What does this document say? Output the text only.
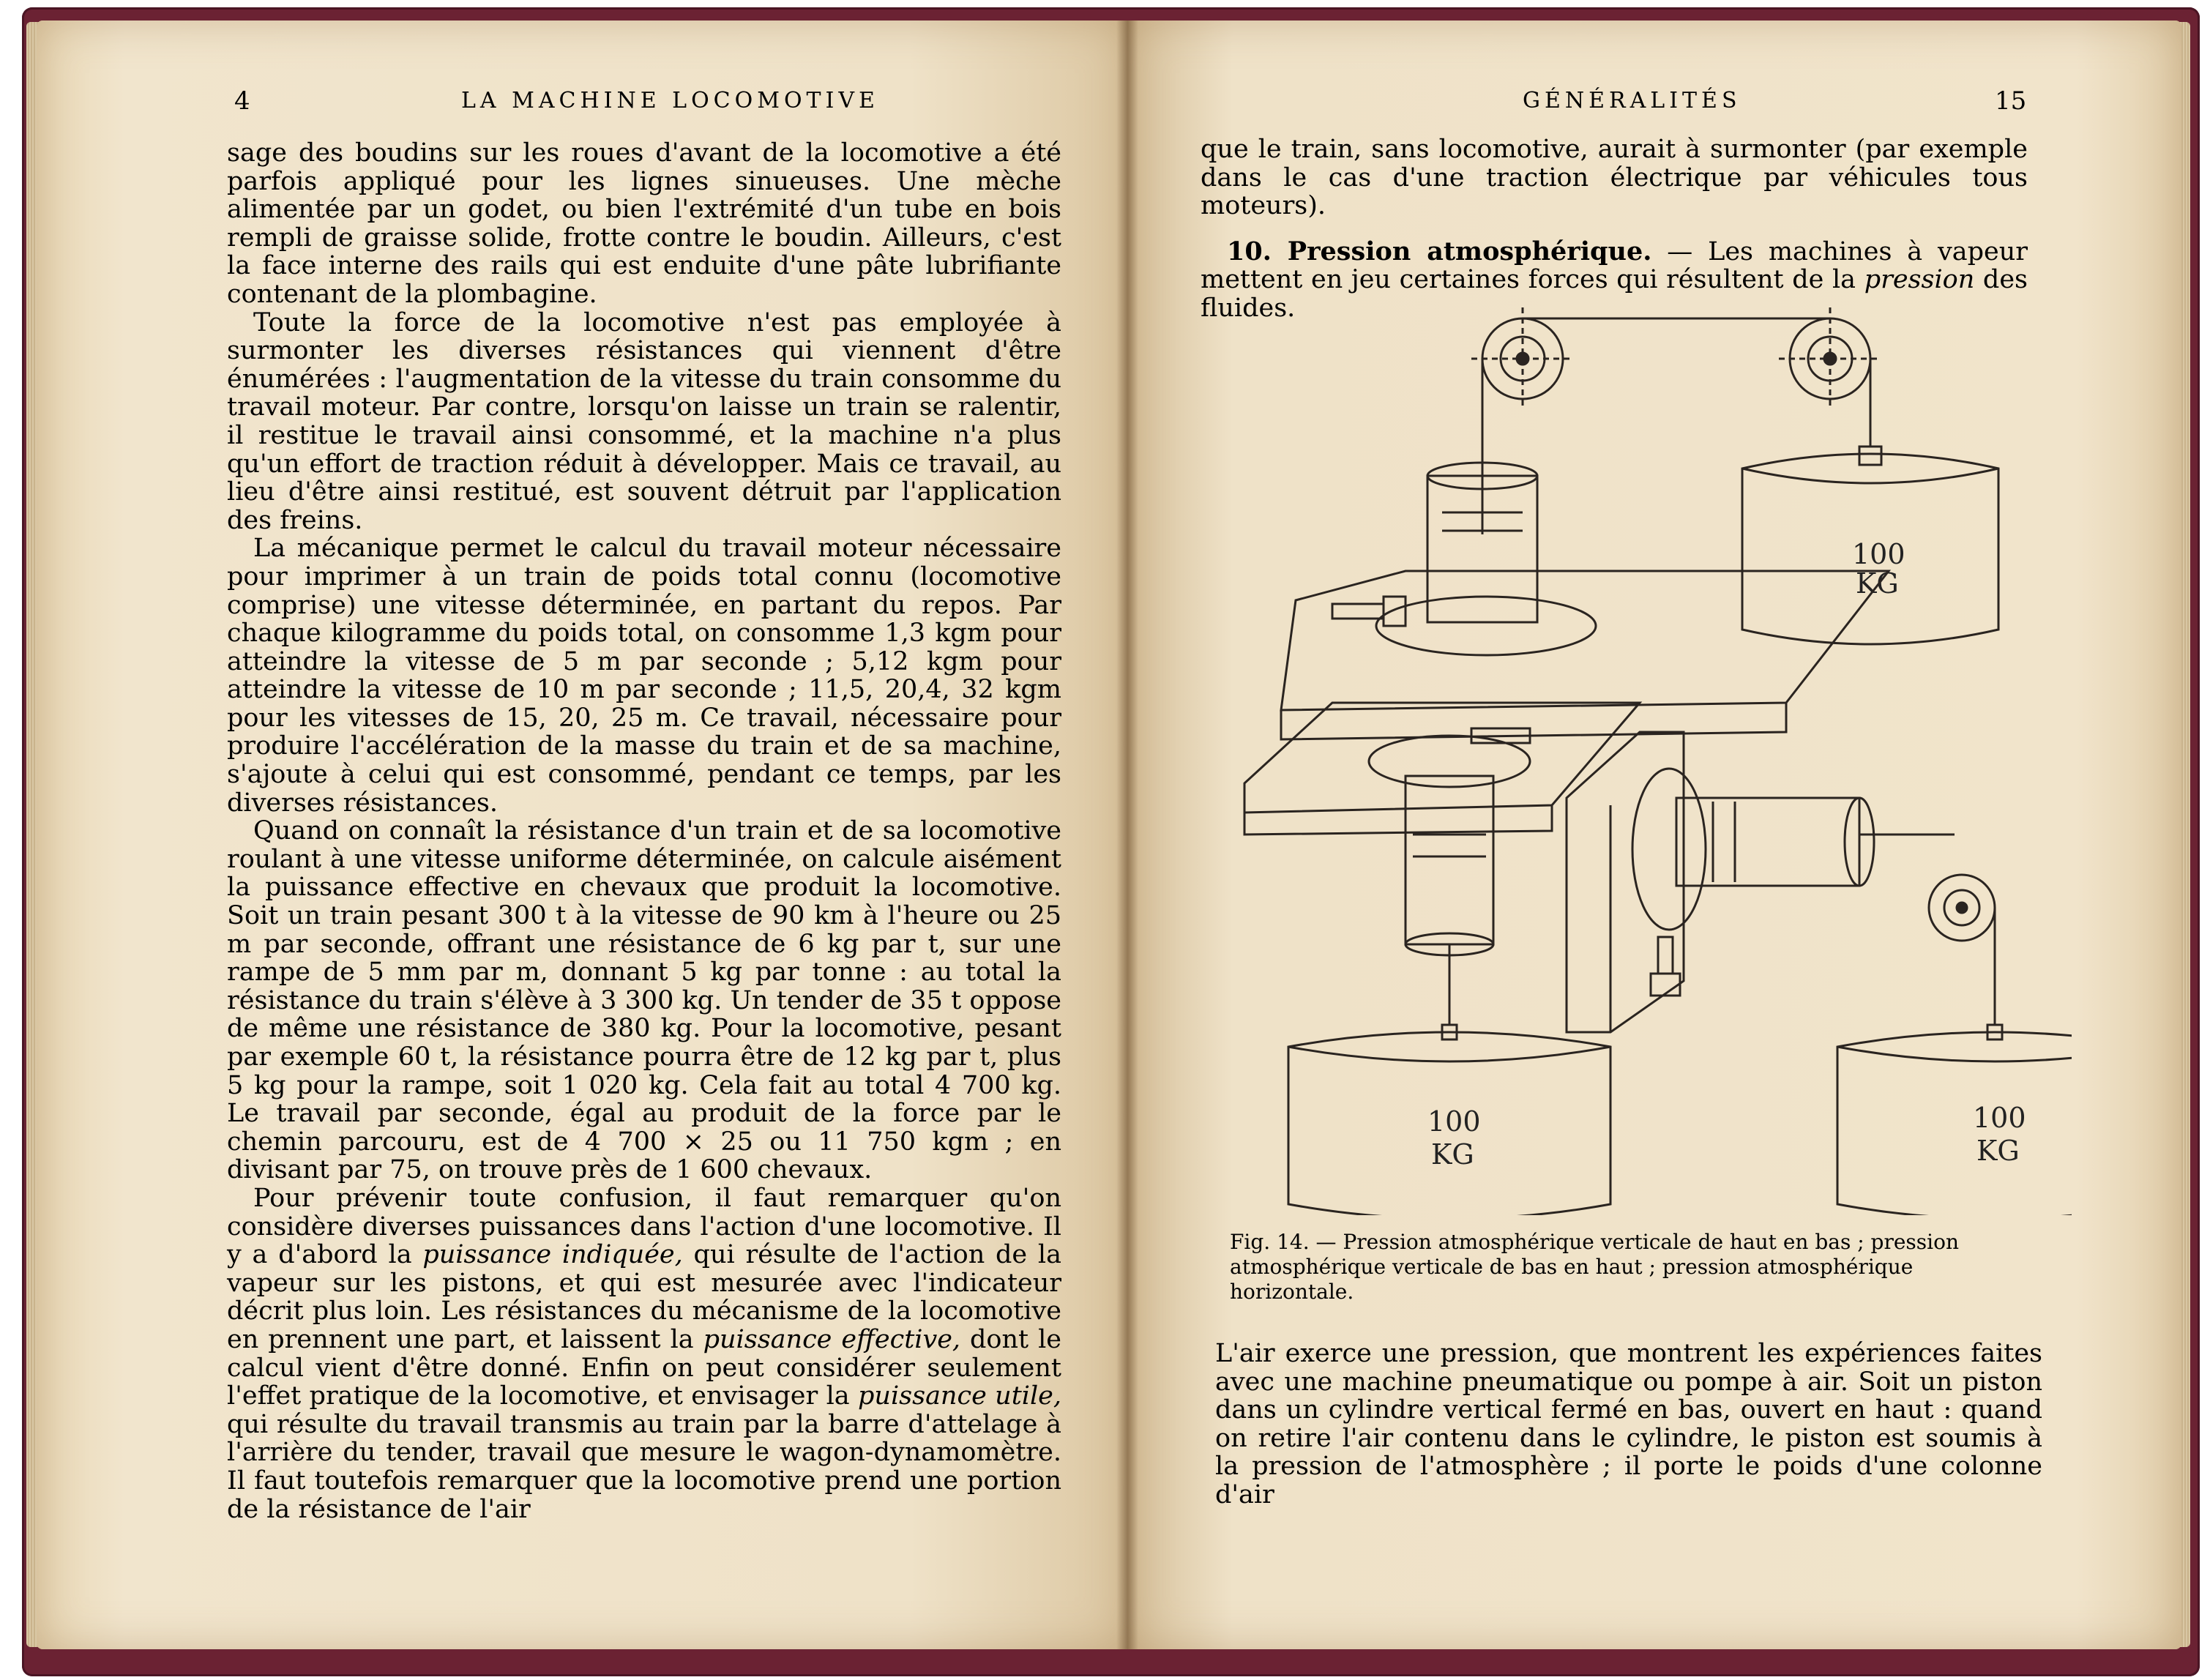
4	LA MACHINE LOCOMOTIVE

sage des boudins sur les roues d'avant de la locomotive a été parfois appliqué pour les lignes sinueuses. Une mèche alimentée par un godet, ou bien l'extrémité d'un tube en bois rempli de graisse solide, frotte contre le boudin. Ailleurs, c'est la face interne des rails qui est enduite d'une pâte lubrifiante contenant de la plombagine.

Toute la force de la locomotive n'est pas employée à surmonter les diverses résistances qui viennent d'être énumérées : l'augmentation de la vitesse du train consomme du travail moteur. Par contre, lorsqu'on laisse un train se ralentir, il restitue le travail ainsi consommé, et la machine n'a plus qu'un effort de traction réduit à développer. Mais ce travail, au lieu d'être ainsi restitué, est souvent détruit par l'application des freins.

La mécanique permet le calcul du travail moteur nécessaire pour imprimer à un train de poids total connu (locomotive comprise) une vitesse déterminée, en partant du repos. Par chaque kilogramme du poids total, on consomme 1,3 kgm pour atteindre la vitesse de 5 m par seconde ; 5,12 kgm pour atteindre la vitesse de 10 m par seconde ; 11,5, 20,4, 32 kgm pour les vitesses de 15, 20, 25 m. Ce travail, nécessaire pour produire l'accélération de la masse du train et de sa machine, s'ajoute à celui qui est consommé, pendant ce temps, par les diverses résistances.

Quand on connaît la résistance d'un train et de sa locomotive roulant à une vitesse uniforme déterminée, on calcule aisément la puissance effective en chevaux que produit la locomotive. Soit un train pesant 300 t à la vitesse de 90 km à l'heure ou 25 m par seconde, offrant une résistance de 6 kg par t, sur une rampe de 5 mm par m, donnant 5 kg par tonne : au total la résistance du train s'élève à 3 300 kg. Un tender de 35 t oppose de même une résistance de 380 kg. Pour la locomotive, pesant par exemple 60 t, la résistance pourra être de 12 kg par t, plus 5 kg pour la rampe, soit 1 020 kg. Cela fait au total 4 700 kg. Le travail par seconde, égal au produit de la force par le chemin parcouru, est de 4 700 × 25 ou 11 750 kgm ; en divisant par 75, on trouve près de 1 600 chevaux.

Pour prévenir toute confusion, il faut remarquer qu'on considère diverses puissances dans l'action d'une locomotive. Il y a d'abord la puissance indiquée, qui résulte de l'action de la vapeur sur les pistons, et qui est mesurée avec l'indicateur décrit plus loin. Les résistances du mécanisme de la locomotive en prennent une part, et laissent la puissance effective, dont le calcul vient d'être donné. Enfin on peut considérer seulement l'effet pratique de la locomotive, et envisager la puissance utile, qui résulte du travail transmis au train par la barre d'attelage à l'arrière du tender, travail que mesure le wagon-dynamomètre. Il faut toutefois remarquer que la locomotive prend une portion de la résistance de l'air

GÉNÉRALITÉS	15

que le train, sans locomotive, aurait à surmonter (par exemple dans le cas d'une traction électrique par véhicules tous moteurs).

10. Pression atmosphérique. — Les machines à vapeur mettent en jeu certaines forces qui résultent de la pression des fluides.

100
KG
100
KG
100
KG
Fig. 14. — Pression atmosphérique verticale de haut en bas ; pression atmosphérique verticale de bas en haut ; pression atmosphérique horizontale.

L'air exerce une pression, que montrent les expériences faites avec une machine pneumatique ou pompe à air. Soit un piston dans un cylindre vertical fermé en bas, ouvert en haut : quand on retire l'air contenu dans le cylindre, le piston est soumis à la pression de l'atmosphère ; il porte le poids d'une colonne d'air
